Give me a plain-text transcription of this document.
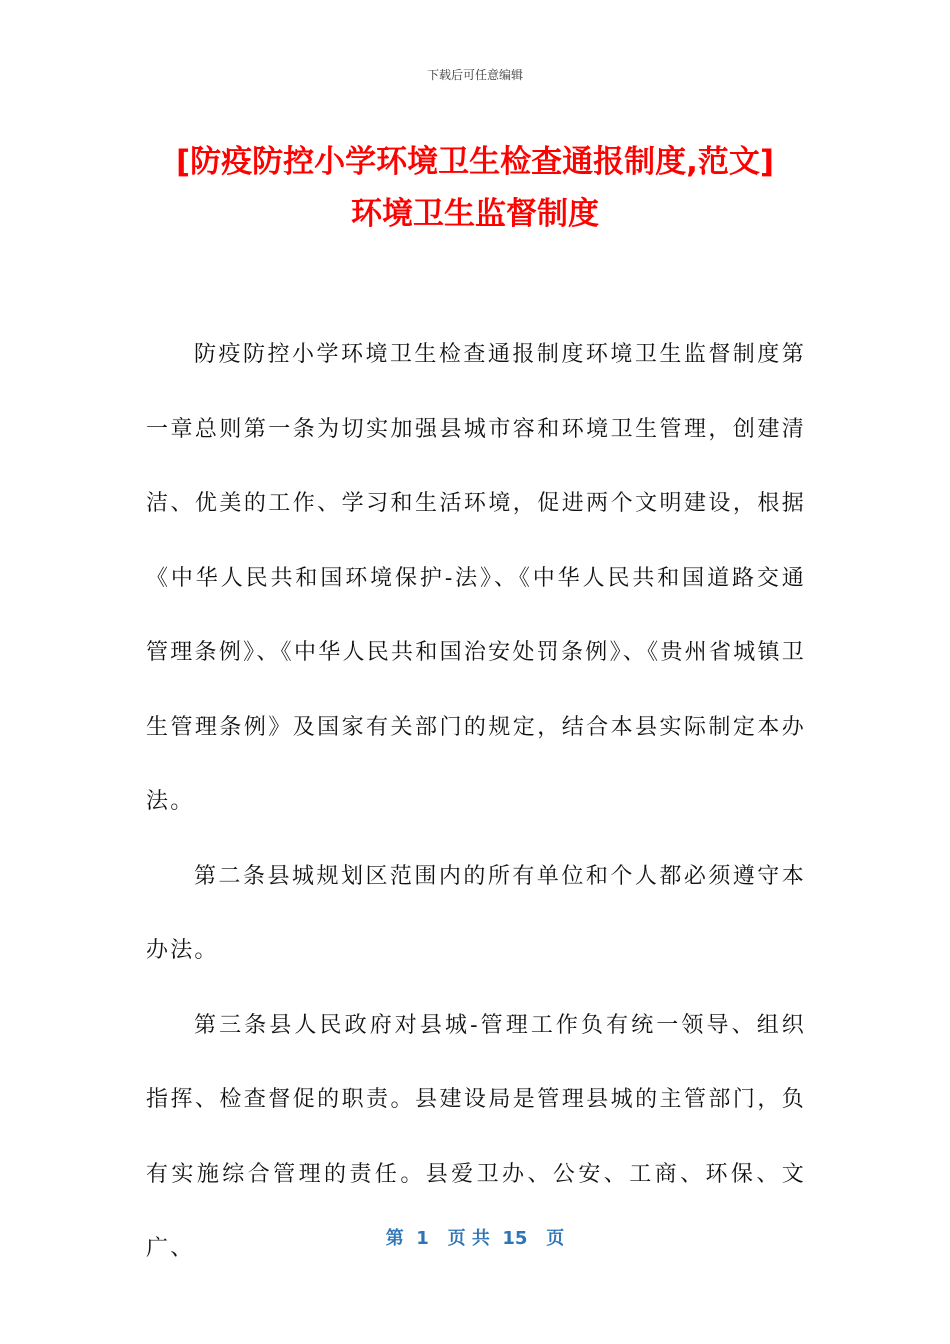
下载后可任意编辑
[防疫防控小学环境卫生检查通报制度,范文]
环境卫生监督制度

防疫防控小学环境卫生检查通报制度环境卫生监督制度第一章总则第一条为切实加强县城市容和环境卫生管理，创建清洁、优美的工作、学习和生活环境，促进两个文明建设，根据《中华人民共和国环境保护-法》、《中华人民共和国道路交通管理条例》、《中华人民共和国治安处罚条例》、《贵州省城镇卫生管理条例》及国家有关部门的规定，结合本县实际制定本办法。

第二条县城规划区范围内的所有单位和个人都必须遵守本办法。

第三条县人民政府对县城-管理工作负有统一领导、组织指挥、检查督促的职责。县建设局是管理县城的主管部门，负有实施综合管理的责任。县爱卫办、公安、工商、环保、文广、	第  1   页 共  15   页
